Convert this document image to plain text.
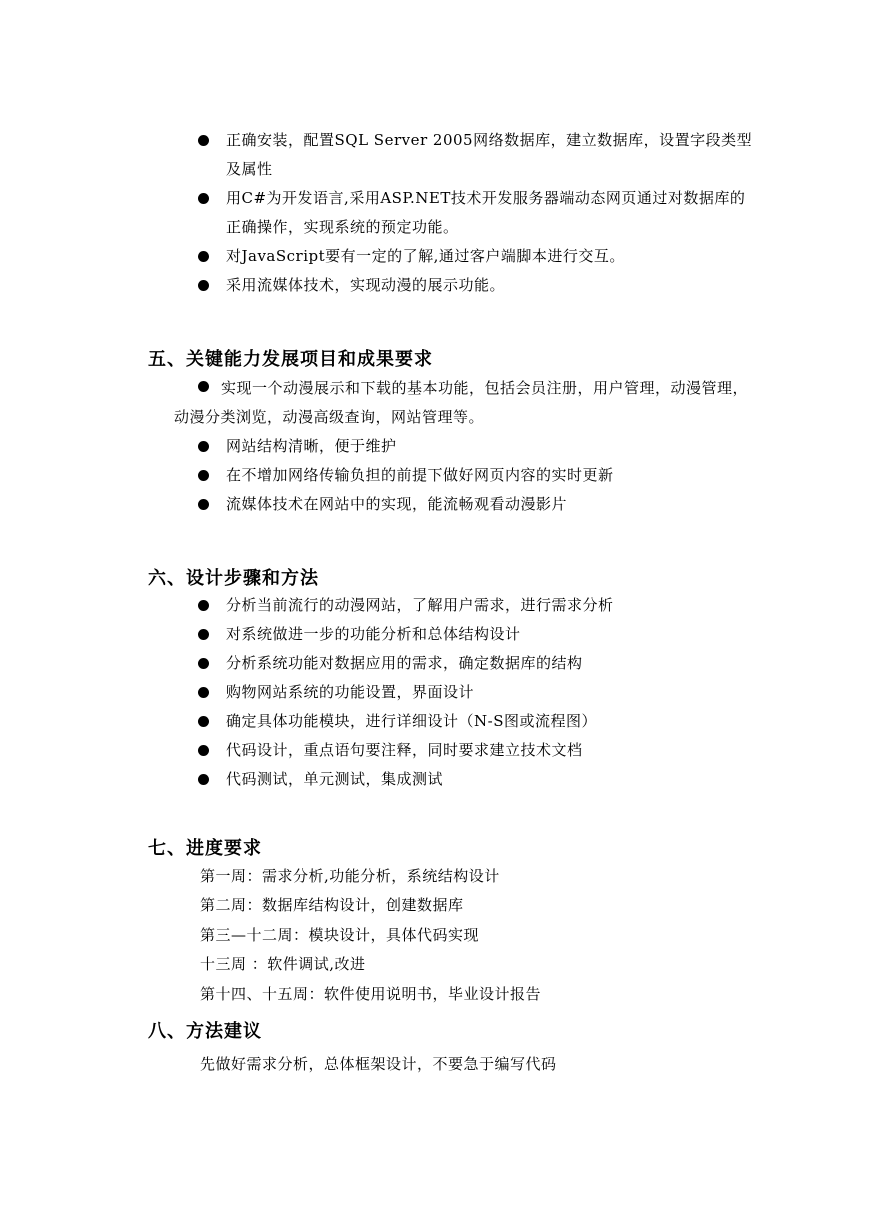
正确安装，配置SQL Server 2005网络数据库，建立数据库，设置字段类型及属性
用C#为开发语言,采用ASP.NET技术开发服务器端动态网页通过对数据库的正确操作，实现系统的预定功能。
对JavaScript要有一定的了解,通过客户端脚本进行交互。
采用流媒体技术，实现动漫的展示功能。
五、关键能力发展项目和成果要求
实现一个动漫展示和下载的基本功能，包括会员注册，用户管理，动漫管理，动漫分类浏览，动漫高级查询，网站管理等。
网站结构清晰，便于维护
在不增加网络传输负担的前提下做好网页内容的实时更新
流媒体技术在网站中的实现，能流畅观看动漫影片
六、设计步骤和方法
分析当前流行的动漫网站，了解用户需求，进行需求分析
对系统做进一步的功能分析和总体结构设计
分析系统功能对数据应用的需求，确定数据库的结构
购物网站系统的功能设置，界面设计
确定具体功能模块，进行详细设计（N-S图或流程图）
代码设计，重点语句要注释，同时要求建立技术文档
代码测试，单元测试，集成测试
七、进度要求
第一周：需求分析,功能分析，系统结构设计
第二周：数据库结构设计，创建数据库
第三—十二周：模块设计，具体代码实现
十三周 ：软件调试,改进
第十四、十五周：软件使用说明书，毕业设计报告
八、方法建议
先做好需求分析，总体框架设计，不要急于编写代码
